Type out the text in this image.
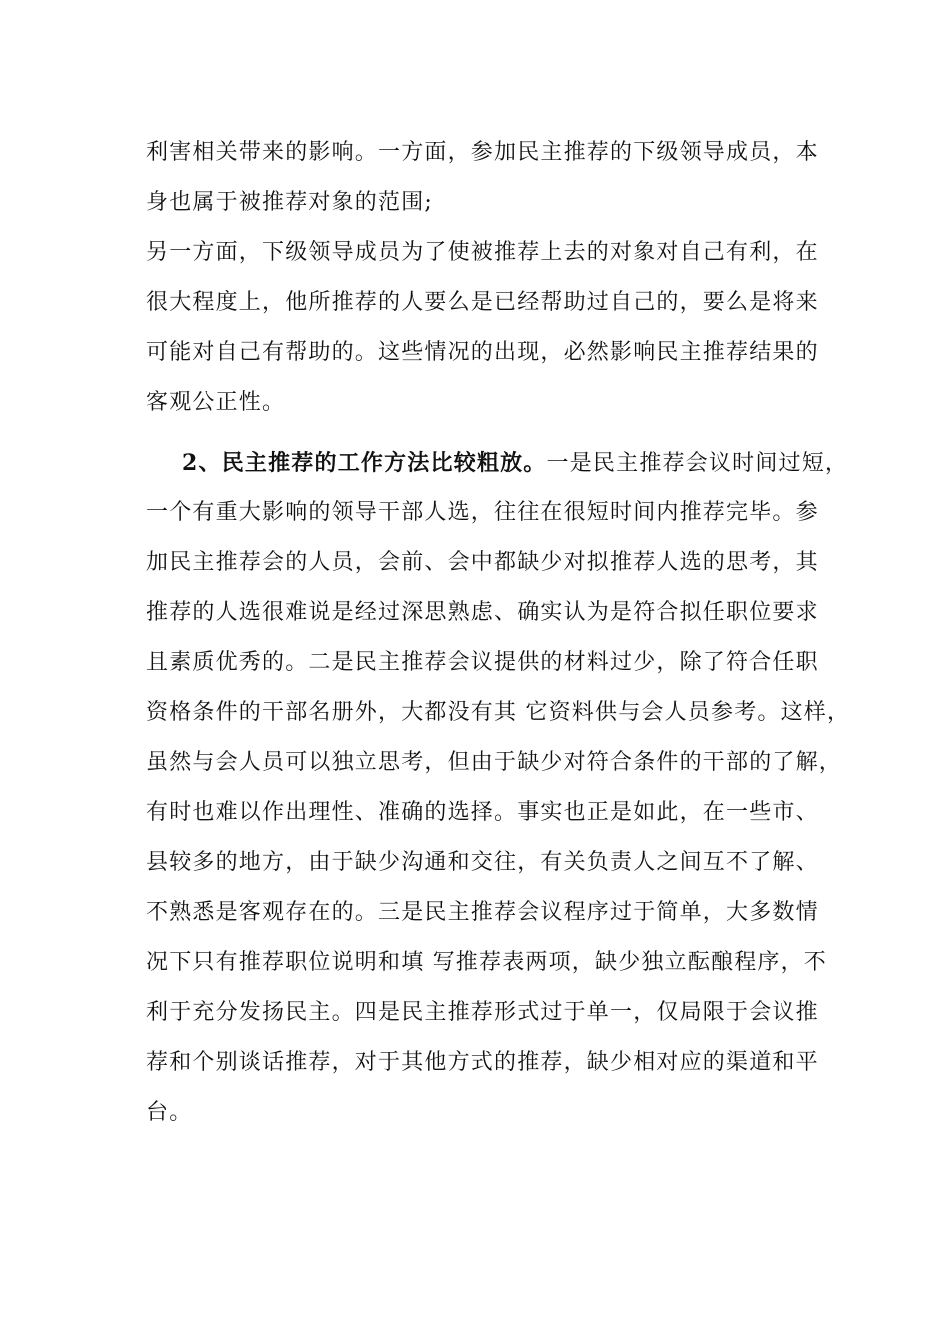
利害相关带来的影响。一方面，参加民主推荐的下级领导成员，本
身也属于被推荐对象的范围;
另一方面，下级领导成员为了使被推荐上去的对象对自己有利，在
很大程度上，他所推荐的人要么是已经帮助过自己的，要么是将来
可能对自己有帮助的。这些情况的出现，必然影响民主推荐结果的
客观公正性。
2、民主推荐的工作方法比较粗放。一是民主推荐会议时间过短，
一个有重大影响的领导干部人选，往往在很短时间内推荐完毕。参
加民主推荐会的人员，会前、会中都缺少对拟推荐人选的思考，其
推荐的人选很难说是经过深思熟虑、确实认为是符合拟任职位要求
且素质优秀的。二是民主推荐会议提供的材料过少，除了符合任职
资格条件的干部名册外，大都没有其 它资料供与会人员参考。这样，
虽然与会人员可以独立思考，但由于缺少对符合条件的干部的了解，
有时也难以作出理性、准确的选择。事实也正是如此，在一些市、
县较多的地方，由于缺少沟通和交往，有关负责人之间互不了解、
不熟悉是客观存在的。三是民主推荐会议程序过于简单，大多数情
况下只有推荐职位说明和填 写推荐表两项，缺少独立酝酿程序，不
利于充分发扬民主。四是民主推荐形式过于单一，仅局限于会议推
荐和个别谈话推荐，对于其他方式的推荐，缺少相对应的渠道和平
台。
